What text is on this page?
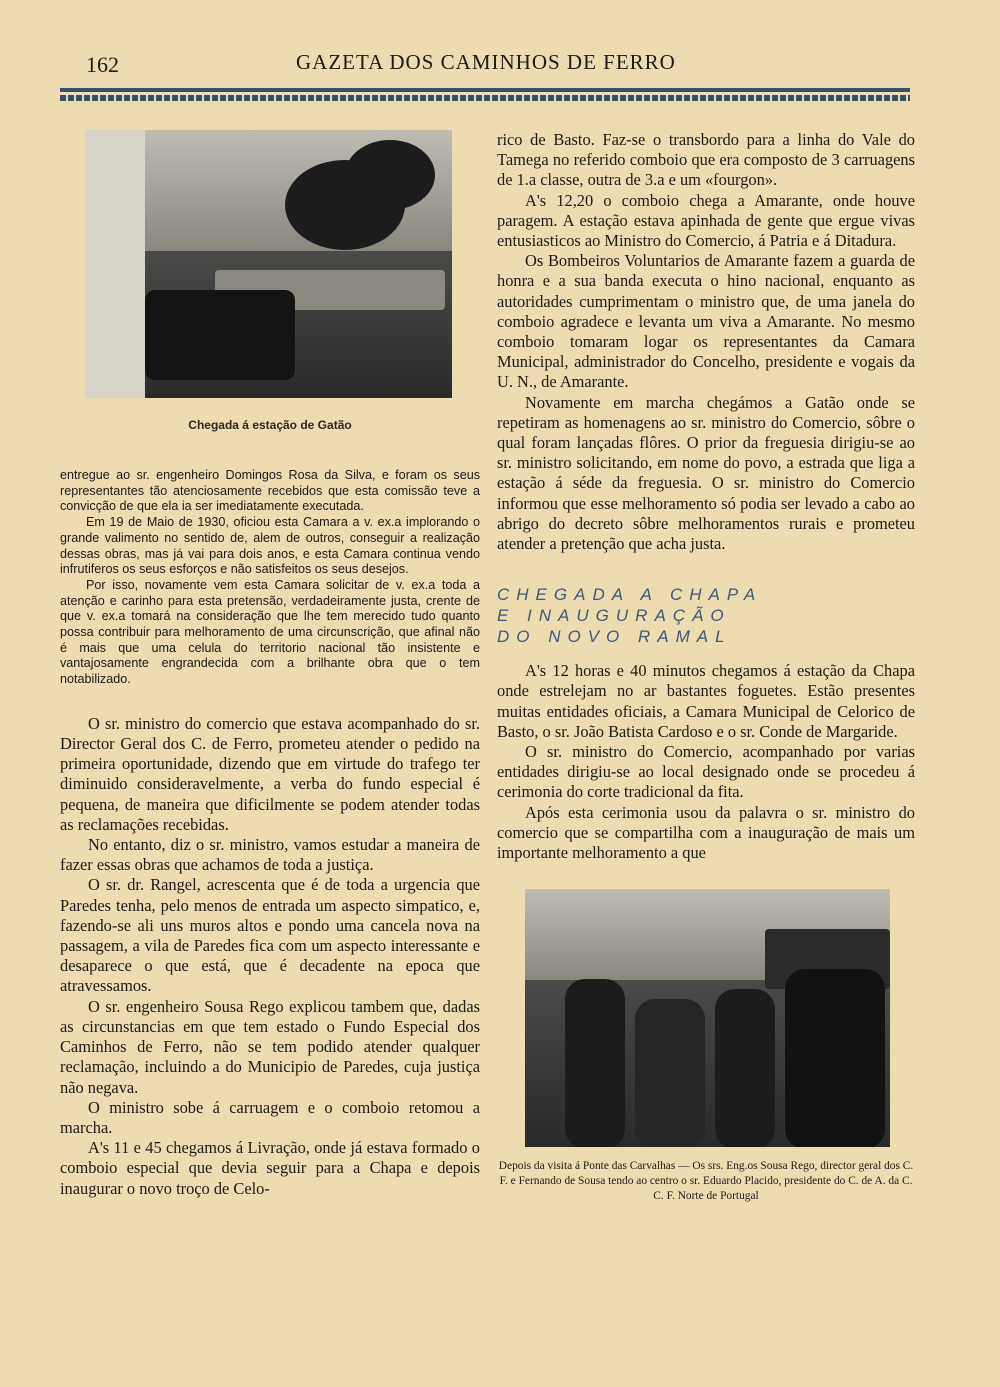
162	GAZETA DOS CAMINHOS DE FERRO
Chegada á estação de Gatão

entregue ao sr. engenheiro Domingos Rosa da Silva, e foram os seus representantes tão atenciosamente recebidos que esta comissão teve a convicção de que ela ia ser imediatamente executada.

Em 19 de Maio de 1930, oficiou esta Camara a v. ex.a implorando o grande valimento no sentido de, alem de outros, conseguir a realização dessas obras, mas já vai para dois anos, e esta Camara continua vendo infrutiferos os seus esforços e não satisfeitos os seus desejos.

Por isso, novamente vem esta Camara solicitar de v. ex.a toda a atenção e carinho para esta pretensão, verdadeiramente justa, crente de que v. ex.a tomará na consideração que lhe tem merecido tudo quanto possa contribuir para melhoramento de uma circunscrição, que afinal não é mais que uma celula do territorio nacional tão insistente e vantajosamente engrandecida com a brilhante obra que o tem notabilizado.

O sr. ministro do comercio que estava acompanhado do sr. Director Geral dos C. de Ferro, prometeu atender o pedido na primeira oportunidade, dizendo que em virtude do trafego ter diminuido consideravelmente, a verba do fundo especial é pequena, de maneira que dificilmente se podem atender todas as reclamações recebidas.

No entanto, diz o sr. ministro, vamos estudar a maneira de fazer essas obras que achamos de toda a justiça.

O sr. dr. Rangel, acrescenta que é de toda a urgencia que Paredes tenha, pelo menos de entrada um aspecto simpatico, e, fazendo-se ali uns muros altos e pondo uma cancela nova na passagem, a vila de Paredes fica com um aspecto interessante e desaparece o que está, que é decadente na epoca que atravessamos.

O sr. engenheiro Sousa Rego explicou tambem que, dadas as circunstancias em que tem estado o Fundo Especial dos Caminhos de Ferro, não se tem podido atender qualquer reclamação, incluindo a do Municipio de Paredes, cuja justiça não negava.

O ministro sobe á carruagem e o comboio retomou a marcha.

A's 11 e 45 chegamos á Livração, onde já estava formado o comboio especial que devia seguir para a Chapa e depois inaugurar o novo troço de Celo-

rico de Basto. Faz-se o transbordo para a linha do Vale do Tamega no referido comboio que era composto de 3 carruagens de 1.a classe, outra de 3.a e um «fourgon».

A's 12,20 o comboio chega a Amarante, onde houve paragem. A estação estava apinhada de gente que ergue vivas entusiasticos ao Ministro do Comercio, á Patria e á Ditadura.

Os Bombeiros Voluntarios de Amarante fazem a guarda de honra e a sua banda executa o hino nacional, enquanto as autoridades cumprimentam o ministro que, de uma janela do comboio agradece e levanta um viva a Amarante. No mesmo comboio tomaram logar os representantes da Camara Municipal, administrador do Concelho, presidente e vogais da U. N., de Amarante.

Novamente em marcha chegámos a Gatão onde se repetiram as homenagens ao sr. ministro do Comercio, sôbre o qual foram lançadas flôres. O prior da freguesia dirigiu-se ao sr. ministro solicitando, em nome do povo, a estrada que liga a estação á séde da freguesia. O sr. ministro do Comercio informou que esse melhoramento só podia ser levado a cabo ao abrigo do decreto sôbre melhoramentos rurais e prometeu atender a pretenção que acha justa.

CHEGADA A CHAPA
E INAUGURAÇÃO
DO NOVO RAMAL

A's 12 horas e 40 minutos chegamos á estação da Chapa onde estrelejam no ar bastantes foguetes. Estão presentes muitas entidades oficiais, a Camara Municipal de Celorico de Basto, o sr. João Batista Cardoso e o sr. Conde de Margaride.

O sr. ministro do Comercio, acompanhado por varias entidades dirigiu-se ao local designado onde se procedeu á cerimonia do corte tradicional da fita.

Após esta cerimonia usou da palavra o sr. ministro do comercio que se compartilha com a inauguração de mais um importante melhoramento a que

Depois da visita á Ponte das Carvalhas — Os srs. Eng.os Sousa Rego, director geral dos C. F. e Fernando de Sousa tendo ao centro o sr. Eduardo Placido, presidente do C. de A. da C. C. F. Norte de Portugal
